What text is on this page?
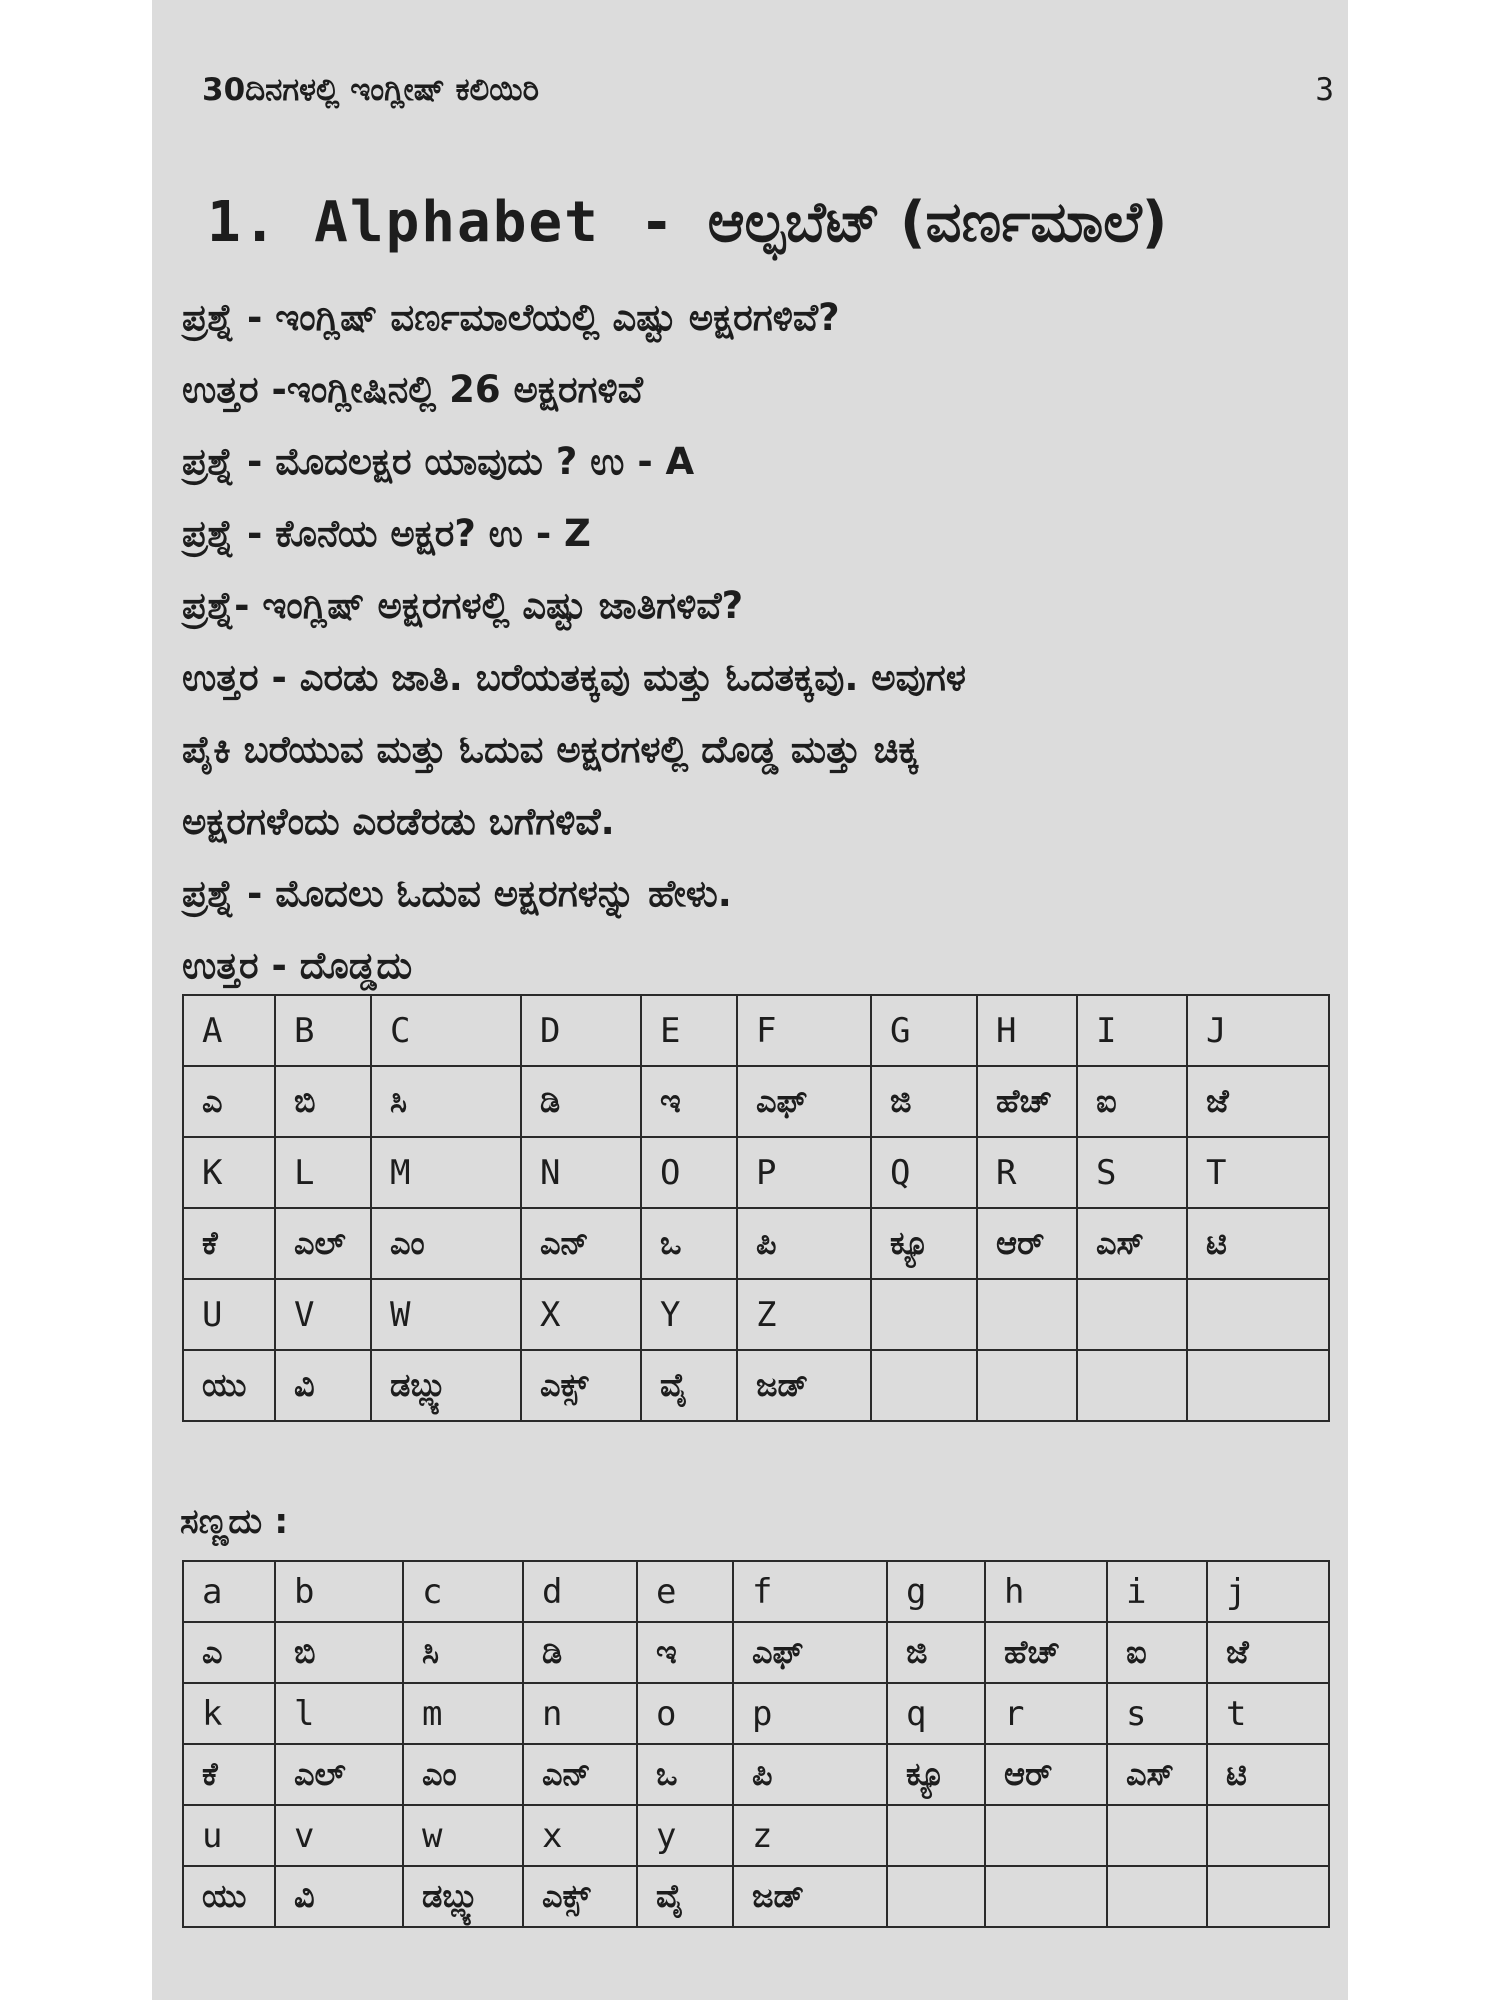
30ದಿನಗಳಲ್ಲಿ ಇಂಗ್ಲೀಷ್ ಕಲಿಯಿರಿ	3
1. Alphabet - ಆಲ್ಫಬೆಟ್ (ವರ್ಣಮಾಲೆ)
ಪ್ರಶ್ನೆ - ಇಂಗ್ಲಿಷ್ ವರ್ಣಮಾಲೆಯಲ್ಲಿ ಎಷ್ಟು ಅಕ್ಷರಗಳಿವೆ?
ಉತ್ತರ -ಇಂಗ್ಲೀಷಿನಲ್ಲಿ 26 ಅಕ್ಷರಗಳಿವೆ
ಪ್ರಶ್ನೆ - ಮೊದಲಕ್ಷರ ಯಾವುದು ? ಉ - A
ಪ್ರಶ್ನೆ - ಕೊನೆಯ ಅಕ್ಷರ? ಉ - Z
ಪ್ರಶ್ನೆ- ಇಂಗ್ಲಿಷ್ ಅಕ್ಷರಗಳಲ್ಲಿ ಎಷ್ಟು ಜಾತಿಗಳಿವೆ?
ಉತ್ತರ - ಎರಡು ಜಾತಿ. ಬರೆಯತಕ್ಕವು ಮತ್ತು ಓದತಕ್ಕವು. ಅವುಗಳ
ಪೈಕಿ ಬರೆಯುವ ಮತ್ತು ಓದುವ ಅಕ್ಷರಗಳಲ್ಲಿ ದೊಡ್ಡ ಮತ್ತು ಚಿಕ್ಕ
ಅಕ್ಷರಗಳೆಂದು ಎರಡೆರಡು ಬಗೆಗಳಿವೆ.
ಪ್ರಶ್ನೆ - ಮೊದಲು ಓದುವ ಅಕ್ಷರಗಳನ್ನು ಹೇಳು.
ಉತ್ತರ - ದೊಡ್ಡದು
A	B	C	D	E	F	G	H	I	J
ಎ	ಬಿ	ಸಿ	ಡಿ	ಇ	ಎಫ್	ಜಿ	ಹೆಚ್	ಐ	ಜೆ
K	L	M	N	O	P	Q	R	S	T
ಕೆ	ಎಲ್	ಎಂ	ಎನ್	ಒ	ಪಿ	ಕ್ಯೂ	ಆರ್	ಎಸ್	ಟಿ
U	V	W	X	Y	Z				
ಯು	ವಿ	ಡಬ್ಲ್ಯು	ಎಕ್ಸ್	ವೈ	ಜಡ್				
ಸಣ್ಣದು :
a	b	c	d	e	f	g	h	i	j
ಎ	ಬಿ	ಸಿ	ಡಿ	ಇ	ಎಫ್	ಜಿ	ಹೆಚ್	ಐ	ಜೆ
k	l	m	n	o	p	q	r	s	t
ಕೆ	ಎಲ್	ಎಂ	ಎನ್	ಒ	ಪಿ	ಕ್ಯೂ	ಆರ್	ಎಸ್	ಟಿ
u	v	w	x	y	z				
ಯು	ವಿ	ಡಬ್ಲ್ಯು	ಎಕ್ಸ್	ವೈ	ಜಡ್				
